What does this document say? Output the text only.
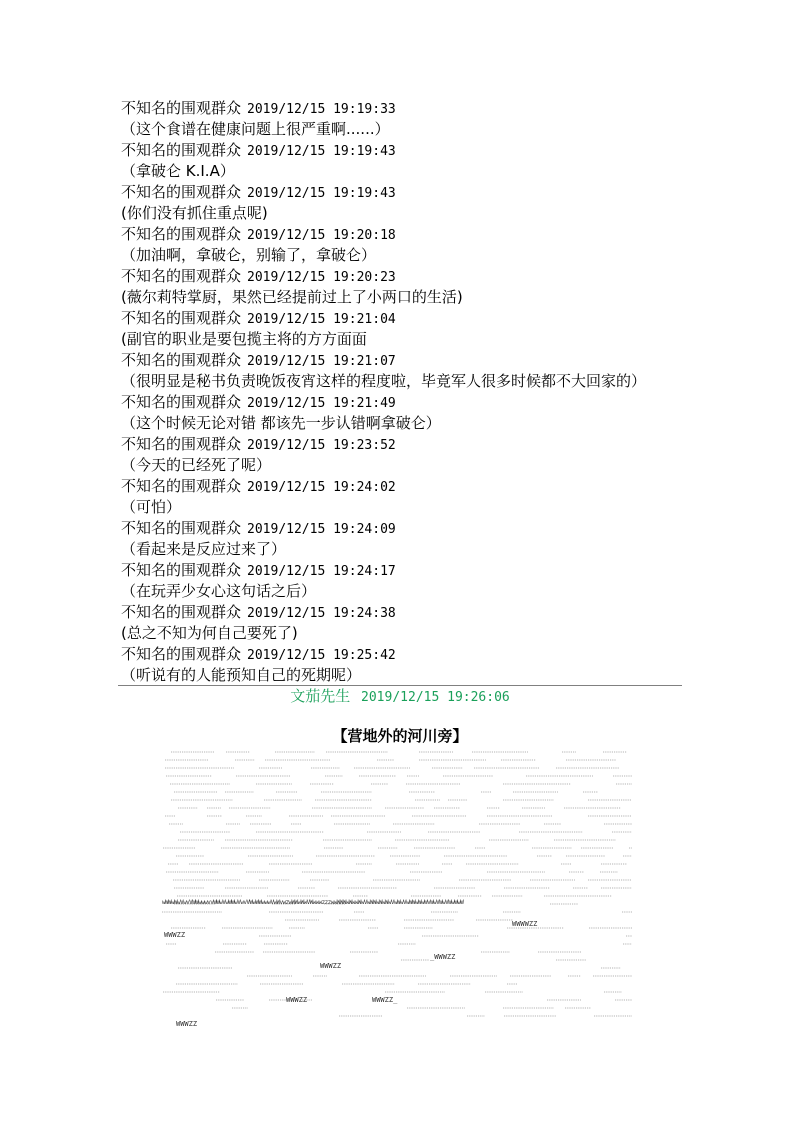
不知名的围观群众 2019/12/15 19:19:33
（这个食谱在健康问题上很严重啊......）
不知名的围观群众 2019/12/15 19:19:43
（拿破仑 K.I.A）
不知名的围观群众 2019/12/15 19:19:43
(你们没有抓住重点呢)
不知名的围观群众 2019/12/15 19:20:18
（加油啊，拿破仑，别输了，拿破仑）
不知名的围观群众 2019/12/15 19:20:23
(薇尔莉特掌厨，果然已经提前过上了小两口的生活)
不知名的围观群众 2019/12/15 19:21:04
(副官的职业是要包揽主将的方方面面
不知名的围观群众 2019/12/15 19:21:07
（很明显是秘书负责晚饭夜宵这样的程度啦，毕竟军人很多时候都不大回家的）
不知名的围观群众 2019/12/15 19:21:49
（这个时候无论对错 都该先一步认错啊拿破仑）
不知名的围观群众 2019/12/15 19:23:52
（今天的已经死了呢）
不知名的围观群众 2019/12/15 19:24:02
（可怕）
不知名的围观群众 2019/12/15 19:24:09
（看起来是反应过来了）
不知名的围观群众 2019/12/15 19:24:17
（在玩弄少女心这句话之后）
不知名的围观群众 2019/12/15 19:24:38
(总之不知为何自己要死了)
不知名的围观群众 2019/12/15 19:25:42
（听说有的人能预知自己的死期呢）
文茄先生 2019/12/15 19:26:06
【营地外的河川旁】
wWWwWwVwvVWWwwwvvWWwVwWWwVwvVWwWWwwwVwWvwzwWWwWwVWwwwzzzwwWWWwWwwWwVwWWwWwWwVwWwVwWWwWwWvWwVWwVWwWwW
WWWWZZ
WWWZZ
WWWZZ
_WWWZZ
WWWZZ	WWWZZ_
WWWZZ
